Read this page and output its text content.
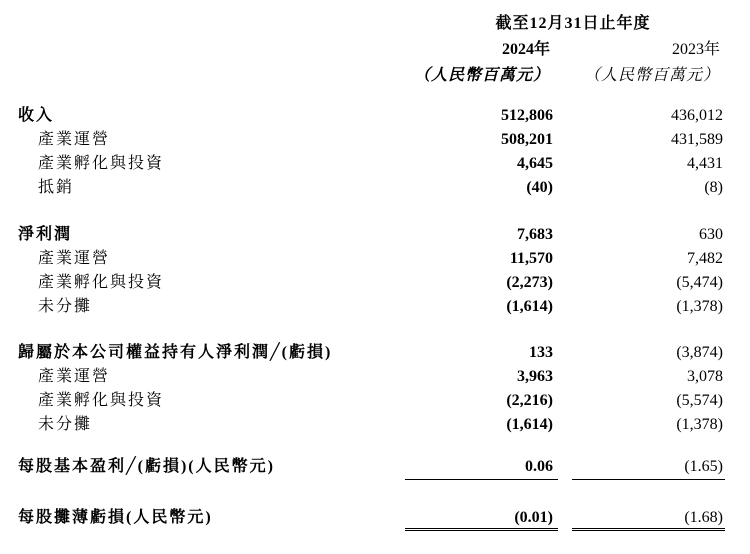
截至12月31日止年度
2024年	2023年
（人民幣百萬元）	（人民幣百萬元）
收入	512,806	436,012
產業運營	508,201	431,589
產業孵化與投資	4,645	4,431
抵銷	(40)	(8)
淨利潤	7,683	630
產業運營	11,570	7,482
產業孵化與投資	(2,273)	(5,474)
未分攤	(1,614)	(1,378)
歸屬於本公司權益持有人淨利潤╱(虧損)	133	(3,874)
產業運營	3,963	3,078
產業孵化與投資	(2,216)	(5,574)
未分攤	(1,614)	(1,378)
每股基本盈利╱(虧損)(人民幣元)	0.06	(1.65)
每股攤薄虧損(人民幣元)	(0.01)	(1.68)
